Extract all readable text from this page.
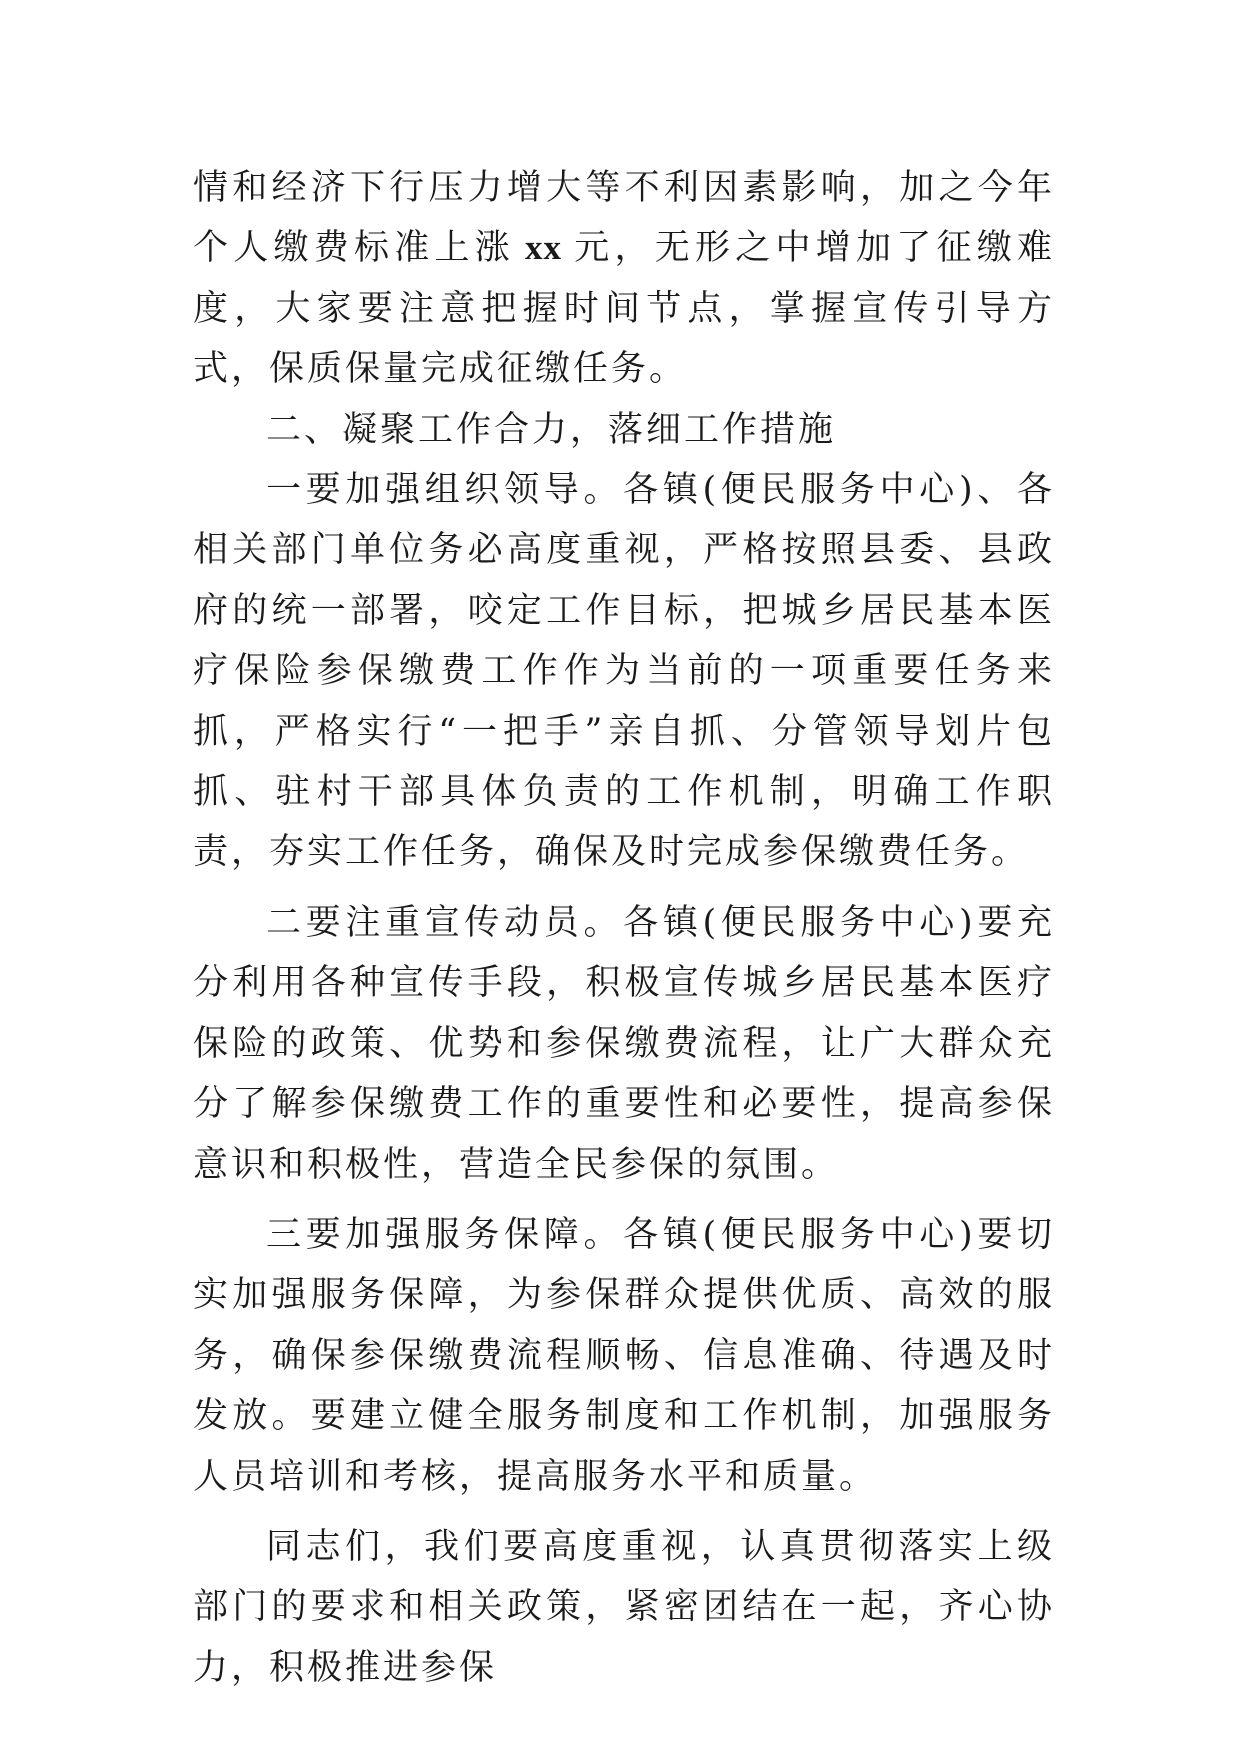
情和经济下行压力增大等不利因素影响，加之今年个人缴费标准上涨 xx 元，无形之中增加了征缴难度，大家要注意把握时间节点，掌握宣传引导方式，保质保量完成征缴任务。

二、凝聚工作合力，落细工作措施

一要加强组织领导。各镇(便民服务中心)、各相关部门单位务必高度重视，严格按照县委、县政府的统一部署，咬定工作目标，把城乡居民基本医疗保险参保缴费工作作为当前的一项重要任务来抓，严格实行“一把手”亲自抓、分管领导划片包抓、驻村干部具体负责的工作机制，明确工作职责，夯实工作任务，确保及时完成参保缴费任务。

二要注重宣传动员。各镇(便民服务中心)要充分利用各种宣传手段，积极宣传城乡居民基本医疗保险的政策、优势和参保缴费流程，让广大群众充分了解参保缴费工作的重要性和必要性，提高参保意识和积极性，营造全民参保的氛围。

三要加强服务保障。各镇(便民服务中心)要切实加强服务保障，为参保群众提供优质、高效的服务，确保参保缴费流程顺畅、信息准确、待遇及时发放。要建立健全服务制度和工作机制，加强服务人员培训和考核，提高服务水平和质量。

同志们，我们要高度重视，认真贯彻落实上级部门的要求和相关政策，紧密团结在一起，齐心协力，积极推进参保
